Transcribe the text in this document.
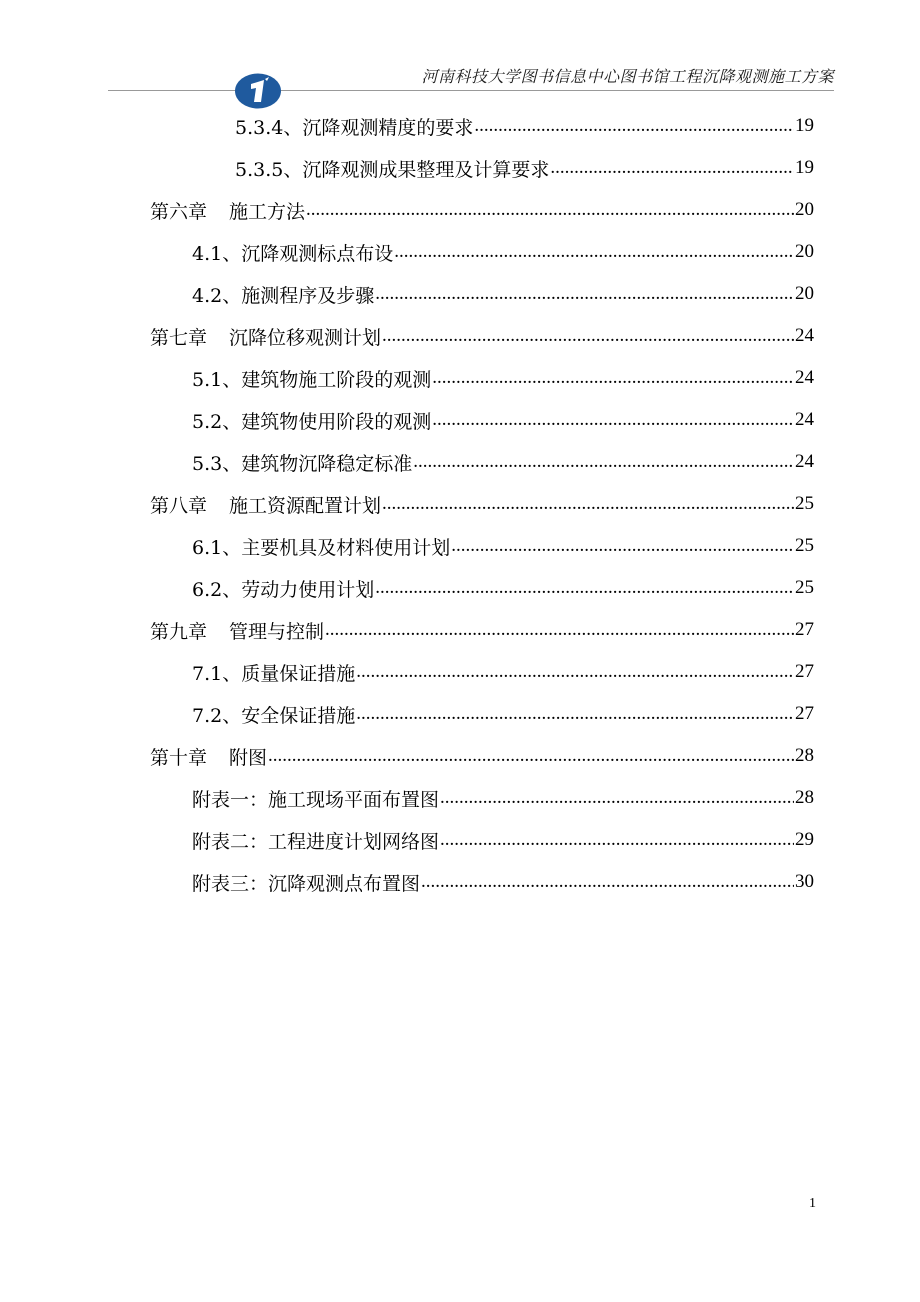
河南科技大学图书信息中心图书馆工程沉降观测施工方案
5.3.4、沉降观测精度的要求 .....	19
5.3.5、沉降观测成果整理及计算要求 .....	19
第六章 施工方法 .....	20
4.1、沉降观测标点布设 .....	20
4.2、施测程序及步骤 .....	20
第七章 沉降位移观测计划 .....	24
5.1、建筑物施工阶段的观测 .....	24
5.2、建筑物使用阶段的观测 .....	24
5.3、建筑物沉降稳定标准 .....	24
第八章 施工资源配置计划 .....	25
6.1、主要机具及材料使用计划 .....	25
6.2、劳动力使用计划 .....	25
第九章 管理与控制 .....	27
7.1、质量保证措施 .....	27
7.2、安全保证措施 .....	27
第十章 附图 .....	28
附表一：施工现场平面布置图 .....	28
附表二：工程进度计划网络图 .....	29
附表三：沉降观测点布置图 .....	30
1
